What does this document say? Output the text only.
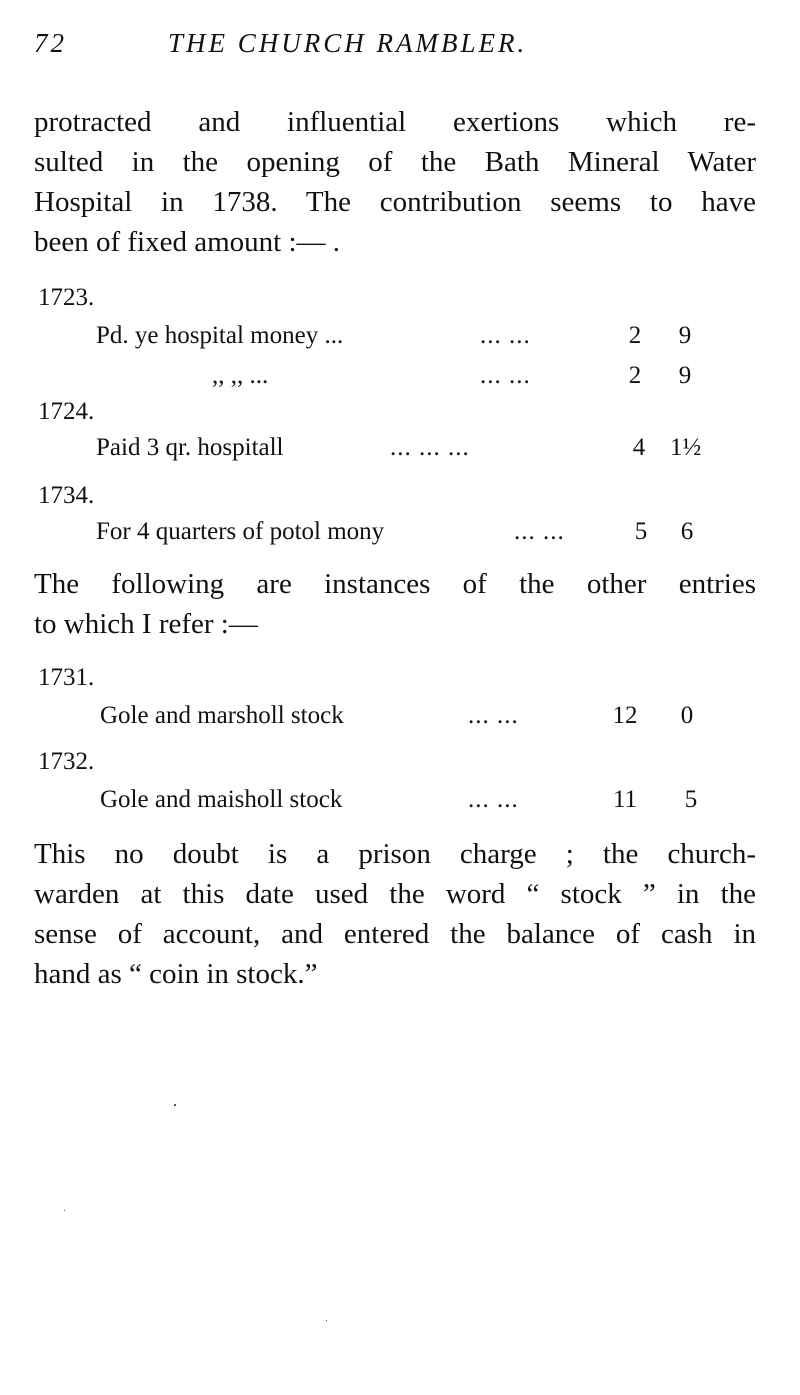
72	THE CHURCH RAMBLER.
protracted and influential exertions which re-
sulted in the opening of the Bath Mineral Water
Hospital in 1738. The contribution seems to have
been of fixed amount :— .
1723.
Pd. ye hospital money ...	... ...	2	9
,, ,, ...	... ...	2	9
1724.
Paid 3 qr. hospitall	... ... ...	4 1½
1734.
For 4 quarters of potol mony	... ...	5	6
The following are instances of the other entries
to which I refer :—
1731.
Gole and marsholl stock	... ...	12	0
1732.
Gole and maisholl stock	... ...	11	5
This no doubt is a prison charge ; the church-
warden at this date used the word “ stock ” in the
sense of account, and entered the balance of cash in
hand as “ coin in stock.”
